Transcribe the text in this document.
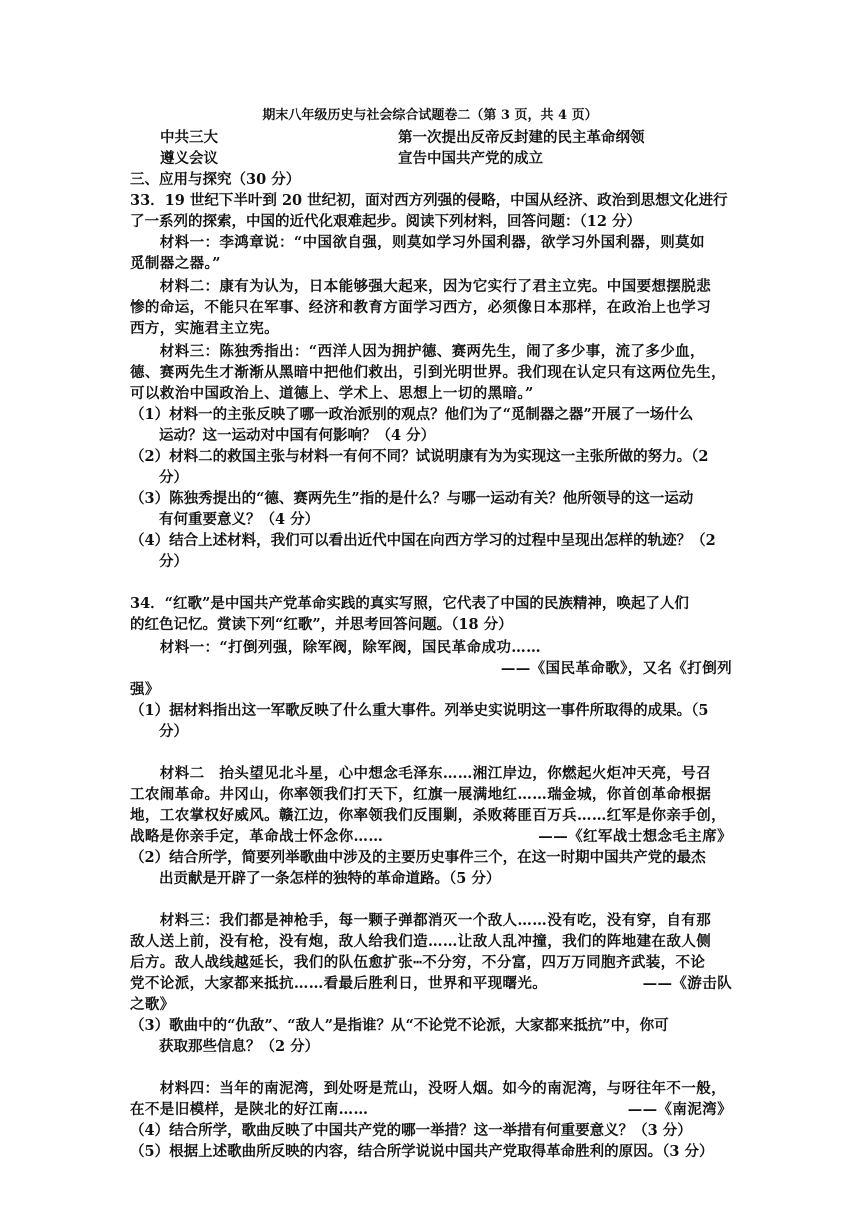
期末八年级历史与社会综合试题卷二（第 3 页，共 4 页）
中共三大	第一次提出反帝反封建的民主革命纲领
遵义会议	宣告中国共产党的成立
三、应用与探究（30 分）
33．19 世纪下半叶到 20 世纪初，面对西方列强的侵略，中国从经济、政治到思想文化进行
了一系列的探索，中国的近代化艰难起步。阅读下列材料，回答问题：（12 分）
　　材料一：李鸿章说：“中国欲自强，则莫如学习外国利器，欲学习外国利器，则莫如
觅制器之器。”
　　材料二：康有为认为，日本能够强大起来，因为它实行了君主立宪。中国要想摆脱悲
惨的命运，不能只在军事、经济和教育方面学习西方，必须像日本那样，在政治上也学习
西方，实施君主立宪。
　　材料三：陈独秀指出：“西洋人因为拥护德、赛两先生，闹了多少事，流了多少血，
德、赛两先生才渐渐从黑暗中把他们救出，引到光明世界。我们现在认定只有这两位先生，
可以救治中国政治上、道德上、学术上、思想上一切的黑暗。”
（1）材料一的主张反映了哪一政治派别的观点？他们为了“觅制器之器”开展了一场什么
　　运动？这一运动对中国有何影响？（4 分）
（2）材料二的救国主张与材料一有何不同？试说明康有为为实现这一主张所做的努力。（2
　　分）
（3）陈独秀提出的“德、赛两先生”指的是什么？与哪一运动有关？他所领导的这一运动
　　有何重要意义？（4 分）
（4）结合上述材料，我们可以看出近代中国在向西方学习的过程中呈现出怎样的轨迹？（2
　　分）
34．“红歌”是中国共产党革命实践的真实写照，它代表了中国的民族精神，唤起了人们
的红色记忆。赏读下列“红歌”，并思考回答问题。（18 分）
　　材料一：“打倒列强，除军阀，除军阀，国民革命成功……
——《国民革命歌》，又名《打倒列
强》
（1）据材料指出这一军歌反映了什么重大事件。列举史实说明这一事件所取得的成果。（5
　　分）
　　材料二　抬头望见北斗星，心中想念毛泽东……湘江岸边，你燃起火炬冲天亮，号召
工农闹革命。井冈山，你率领我们打天下，红旗一展满地红……瑞金城，你首创革命根据
地，工农掌权好威风。赣江边，你率领我们反围剿，杀败蒋匪百万兵……红军是你亲手创，
战略是你亲手定，革命战士怀念你……	——《红军战士想念毛主席》
（2）结合所学，简要列举歌曲中涉及的主要历史事件三个，在这一时期中国共产党的最杰
　　出贡献是开辟了一条怎样的独特的革命道路。（5 分）
　　材料三：我们都是神枪手，每一颗子弹都消灭一个敌人……没有吃，没有穿，自有那
敌人送上前，没有枪，没有炮，敌人给我们造……让敌人乱冲撞，我们的阵地建在敌人侧
后方。敌人战线越延长，我们的队伍愈扩张┅不分穷，不分富，四万万同胞齐武装，不论
党不论派，大家都来抵抗……看最后胜利日，世界和平现曙光。	——《游击队
之歌》
（3）歌曲中的“仇敌”、“敌人”是指谁？从“不论党不论派，大家都来抵抗”中，你可
　　获取那些信息？（2 分）
　　材料四：当年的南泥湾，到处呀是荒山，没呀人烟。如今的南泥湾，与呀往年不一般，
在不是旧模样，是陕北的好江南……	——《南泥湾》
（4）结合所学，歌曲反映了中国共产党的哪一举措？这一举措有何重要意义？（3 分）
（5）根据上述歌曲所反映的内容，结合所学说说中国共产党取得革命胜利的原因。（3 分）
